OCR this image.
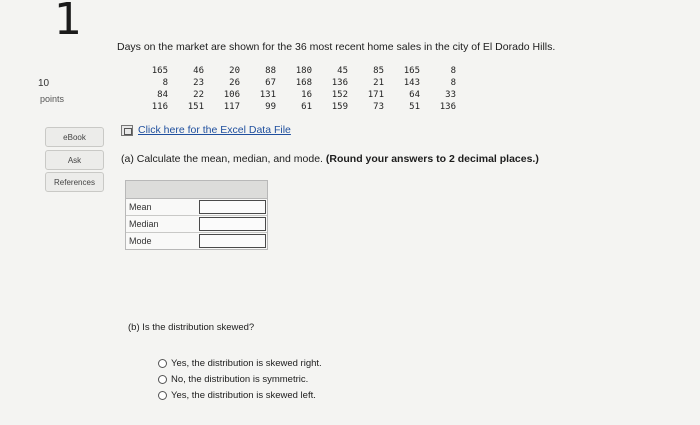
1
10
points
eBook
Ask
References
Days on the market are shown for the 36 most recent home sales in the city of El Dorado Hills.
165	46	20	88	180	45	85	165	8
8	23	26	67	168	136	21	143	8
84	22	106	131	16	152	171	64	33
116	151	117	99	61	159	73	51	136
Click here for the Excel Data File
(a) Calculate the mean, median, and mode. (Round your answers to 2 decimal places.)
Mean
Median
Mode
(b) Is the distribution skewed?
Yes, the distribution is skewed right.
No, the distribution is symmetric.
Yes, the distribution is skewed left.
